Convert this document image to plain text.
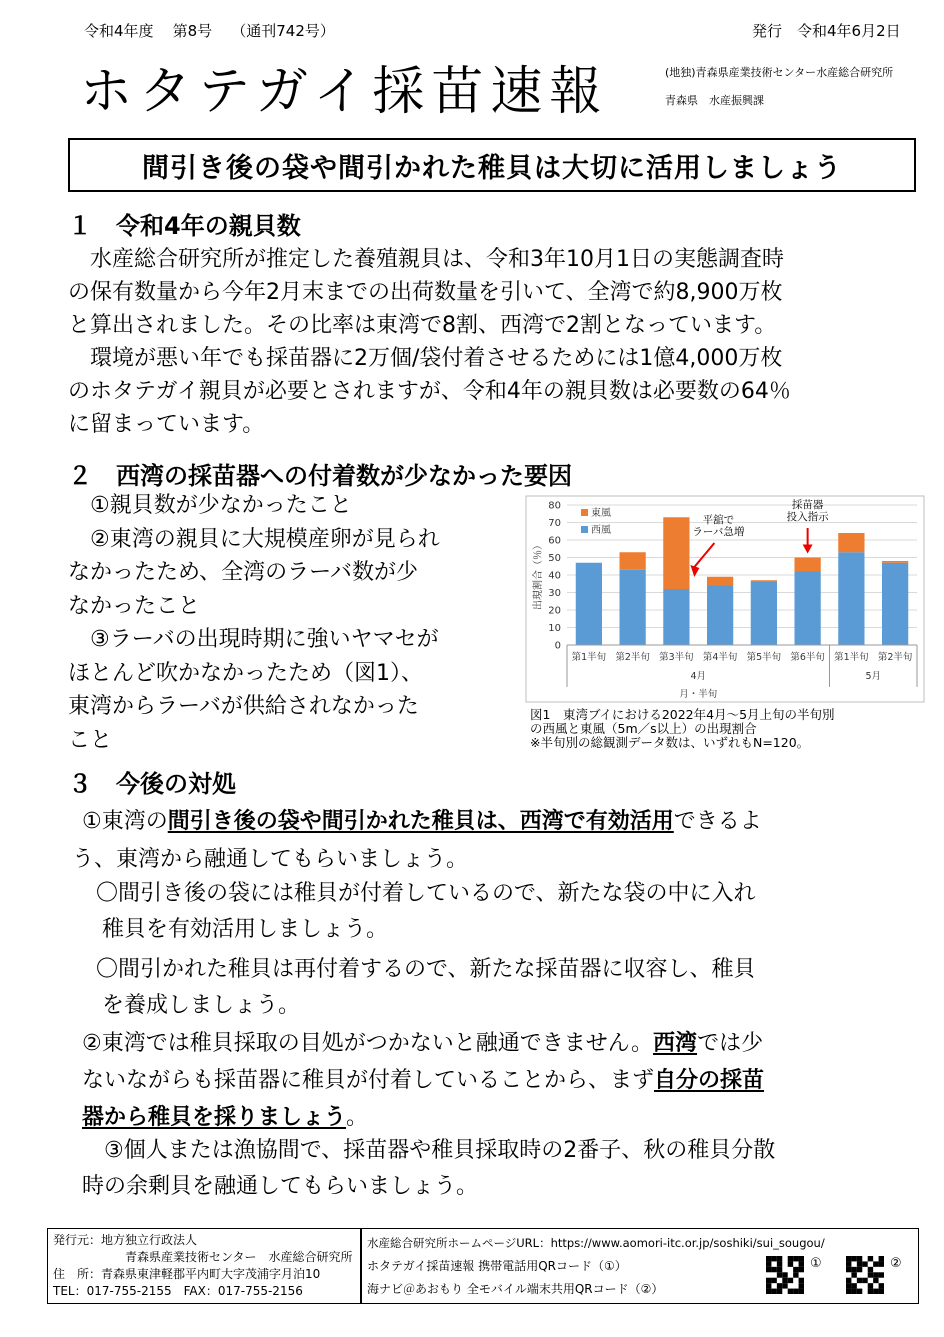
令和4年度 第8号 （通刊742号）	発行　令和4年6月2日
ホタテガイ採苗速報	(地独)青森県産業技術センター水産総合研究所
青森県　水産振興課
間引き後の袋や間引かれた稚貝は大切に活用しましょう
１　令和4年の親貝数
　水産総合研究所が推定した養殖親貝は、令和3年10月1日の実態調査時
の保有数量から今年2月末までの出荷数量を引いて、全湾で約8,900万枚
と算出されました。その比率は東湾で8割、西湾で2割となっています。
　環境が悪い年でも採苗器に2万個/袋付着させるためには1億4,000万枚
のホタテガイ親貝が必要とされますが、令和4年の親貝数は必要数の64％
に留まっています。
２　西湾の採苗器への付着数が少なかった要因
　①親貝数が少なかったこと
　②東湾の親貝に大規模産卵が見られ
なかったため、全湾のラーバ数が少
なかったこと
　③ラーバの出現時期に強いヤマセが
ほとんど吹かなかったため（図1）、
東湾からラーバが供給されなかった
こと
0
10
20
30
40
50
60
70
80
出現割合（％）
第1半旬 第2半旬 第3半旬 第4半旬 第5半旬 第6半旬 第1半旬 第2半旬
4月	5月
月・半旬
東風
西風
平舘で
ラーバ急増
採苗器
投入指示
図1　東湾ブイにおける2022年4月～5月上旬の半旬別
の西風と東風（5m／s以上）の出現割合
※半旬別の総観測データ数は、いずれもN=120。
３　今後の対処
①東湾の間引き後の袋や間引かれた稚貝は、西湾で有効活用できるよ
う、東湾から融通してもらいましょう。
〇間引き後の袋には稚貝が付着しているので、新たな袋の中に入れ
稚貝を有効活用しましょう。
〇間引かれた稚貝は再付着するので、新たな採苗器に収容し、稚貝
を養成しましょう。
②東湾では稚貝採取の目処がつかないと融通できません。西湾では少
ないながらも採苗器に稚貝が付着していることから、まず自分の採苗
器から稚貝を採りましょう。
　③個人または漁協間で、採苗器や稚貝採取時の2番子、秋の稚貝分散
時の余剰貝を融通してもらいましょう。
発行元：地方独立行政法人
　　　　　　青森県産業技術センター　水産総合研究所
住　所：青森県東津軽郡平内町大字茂浦字月泊10
TEL：017-755-2155　FAX：017-755-2156
水産総合研究所ホームページURL：https://www.aomori-itc.or.jp/soshiki/sui_sougou/
ホタテガイ採苗速報 携帯電話用QRコード（①）
海ナビ＠あおもり 全モバイル端末共用QRコード（②）
①	②
